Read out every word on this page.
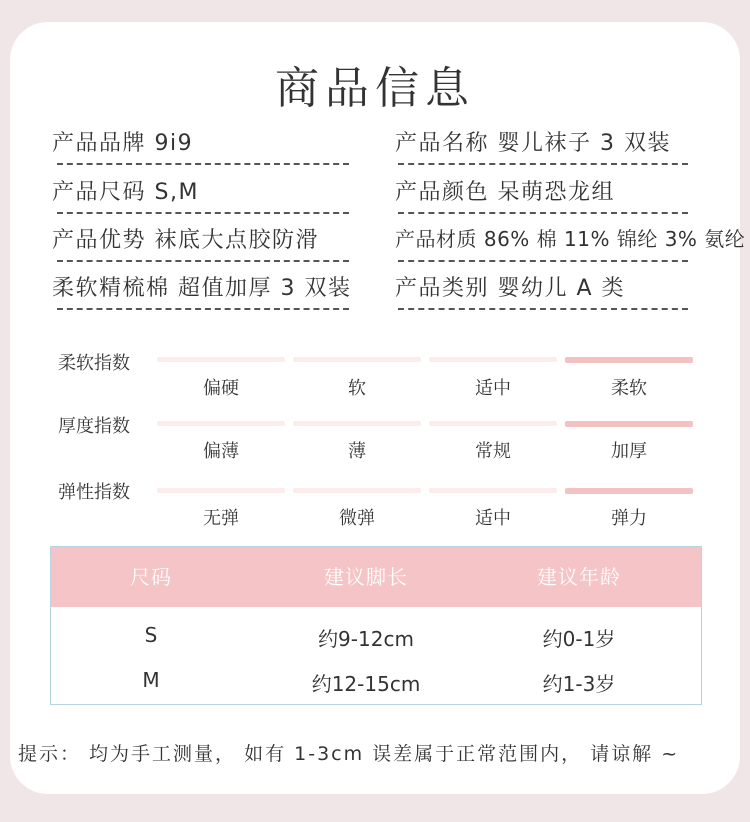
商品信息
产品品牌 9i9	产品名称 婴儿袜子 3 双装
产品尺码 S,M	产品颜色 呆萌恐龙组
产品优势 袜底大点胶防滑	产品材质 86% 棉 11% 锦纶 3% 氨纶
柔软精梳棉 超值加厚 3 双装 产品类别 婴幼儿 A 类
柔软指数
偏硬	软	适中	柔软
厚度指数
偏薄	薄	常规	加厚
弹性指数
无弹	微弹	适中	弹力
尺码	建议脚长	建议年龄
S	约9-12cm	约0-1岁
M	约12-15cm	约1-3岁
提示： 均为手工测量， 如有 1-3cm 误差属于正常范围内， 请谅解 ~
